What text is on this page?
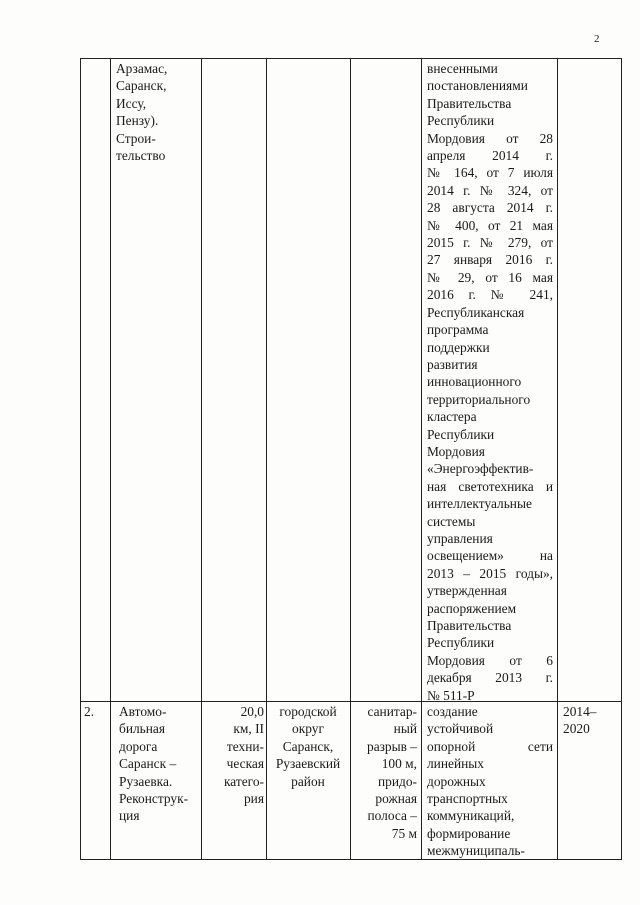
2
Арзамас,
Саранск,
Иссу,
Пензу).
Строи-
тельство
внесенными
постановлениями
Правительства
Республики
Мордовия от 28
апреля 2014 г.
№ 164, от 7 июля
2014 г. № 324, от
28 августа 2014 г.
№ 400, от 21 мая
2015 г. № 279, от
27 января 2016 г.
№ 29, от 16 мая
2016 г. № 241,
Республиканская
программа
поддержки
развития
инновационного
территориального
кластера
Республики
Мордовия
«Энергоэффектив-
ная светотехника и
интеллектуальные
системы
управления
освещением» на
2013 – 2015 годы»,
утвержденная
распоряжением
Правительства
Республики
Мордовия от 6
декабря 2013 г.
№ 511-Р
2.	Автомо-
бильная
дорога
Саранск –
Рузаевка.
Реконструк-
ция
20,0
км, II
техни-
ческая
катего-
рия
городской
округ
Саранск,
Рузаевский
район
санитар-
ный
разрыв –
100 м,
придо-
рожная
полоса –
75 м
создание
устойчивой
опорной сети
линейных
дорожных
транспортных
коммуникаций,
формирование
межмуниципаль-
2014–
2020
